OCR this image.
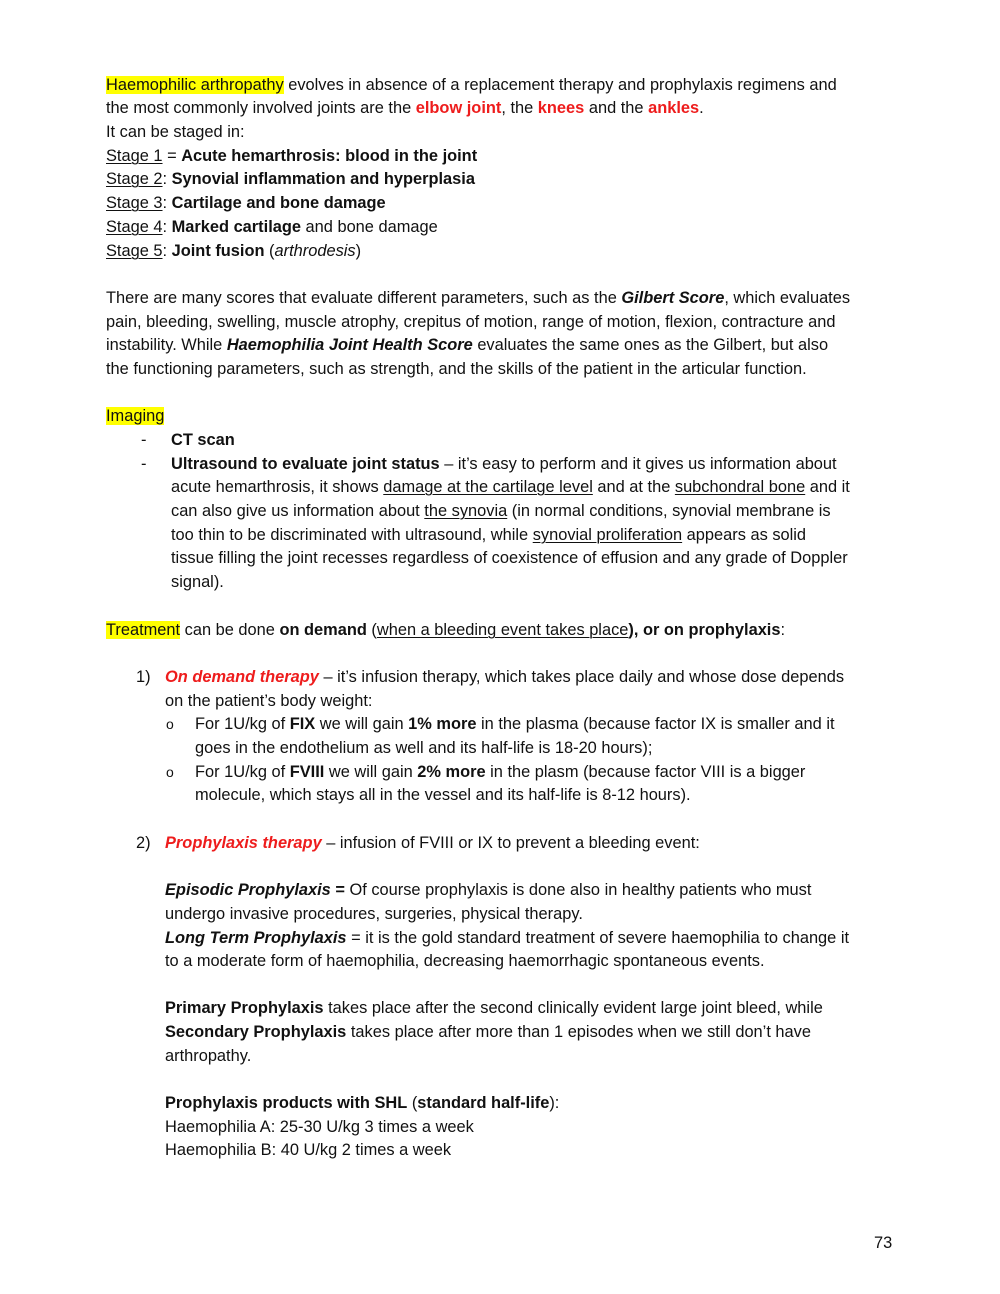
Haemophilic arthropathy evolves in absence of a replacement therapy and prophylaxis regimens and
the most commonly involved joints are the elbow joint, the knees and the ankles.
It can be staged in:
Stage 1 = Acute hemarthrosis: blood in the joint
Stage 2: Synovial inflammation and hyperplasia
Stage 3: Cartilage and bone damage
Stage 4: Marked cartilage and bone damage
Stage 5: Joint fusion (arthrodesis)
There are many scores that evaluate different parameters, such as the Gilbert Score, which evaluates
pain, bleeding, swelling, muscle atrophy, crepitus of motion, range of motion, flexion, contracture and
instability. While Haemophilia Joint Health Score evaluates the same ones as the Gilbert, but also
the functioning parameters, such as strength, and the skills of the patient in the articular function.
Imaging
- CT scan
- Ultrasound to evaluate joint status – it’s easy to perform and it gives us information about
acute hemarthrosis, it shows damage at the cartilage level and at the subchondral bone and it
can also give us information about the synovia (in normal conditions, synovial membrane is
too thin to be discriminated with ultrasound, while synovial proliferation appears as solid
tissue filling the joint recesses regardless of coexistence of effusion and any grade of Doppler
signal).
Treatment can be done on demand (when a bleeding event takes place), or on prophylaxis:
1) On demand therapy – it’s infusion therapy, which takes place daily and whose dose depends
on the patient’s body weight:
o For 1U/kg of FIX we will gain 1% more in the plasma (because factor IX is smaller and it
goes in the endothelium as well and its half-life is 18-20 hours);
o For 1U/kg of FVIII we will gain 2% more in the plasm (because factor VIII is a bigger
molecule, which stays all in the vessel and its half-life is 8-12 hours).
2) Prophylaxis therapy – infusion of FVIII or IX to prevent a bleeding event:
Episodic Prophylaxis = Of course prophylaxis is done also in healthy patients who must
undergo invasive procedures, surgeries, physical therapy.
Long Term Prophylaxis = it is the gold standard treatment of severe haemophilia to change it
to a moderate form of haemophilia, decreasing haemorrhagic spontaneous events.
Primary Prophylaxis takes place after the second clinically evident large joint bleed, while
Secondary Prophylaxis takes place after more than 1 episodes when we still don’t have
arthropathy.
Prophylaxis products with SHL (standard half-life):
Haemophilia A: 25-30 U/kg 3 times a week
Haemophilia B: 40 U/kg 2 times a week
73
